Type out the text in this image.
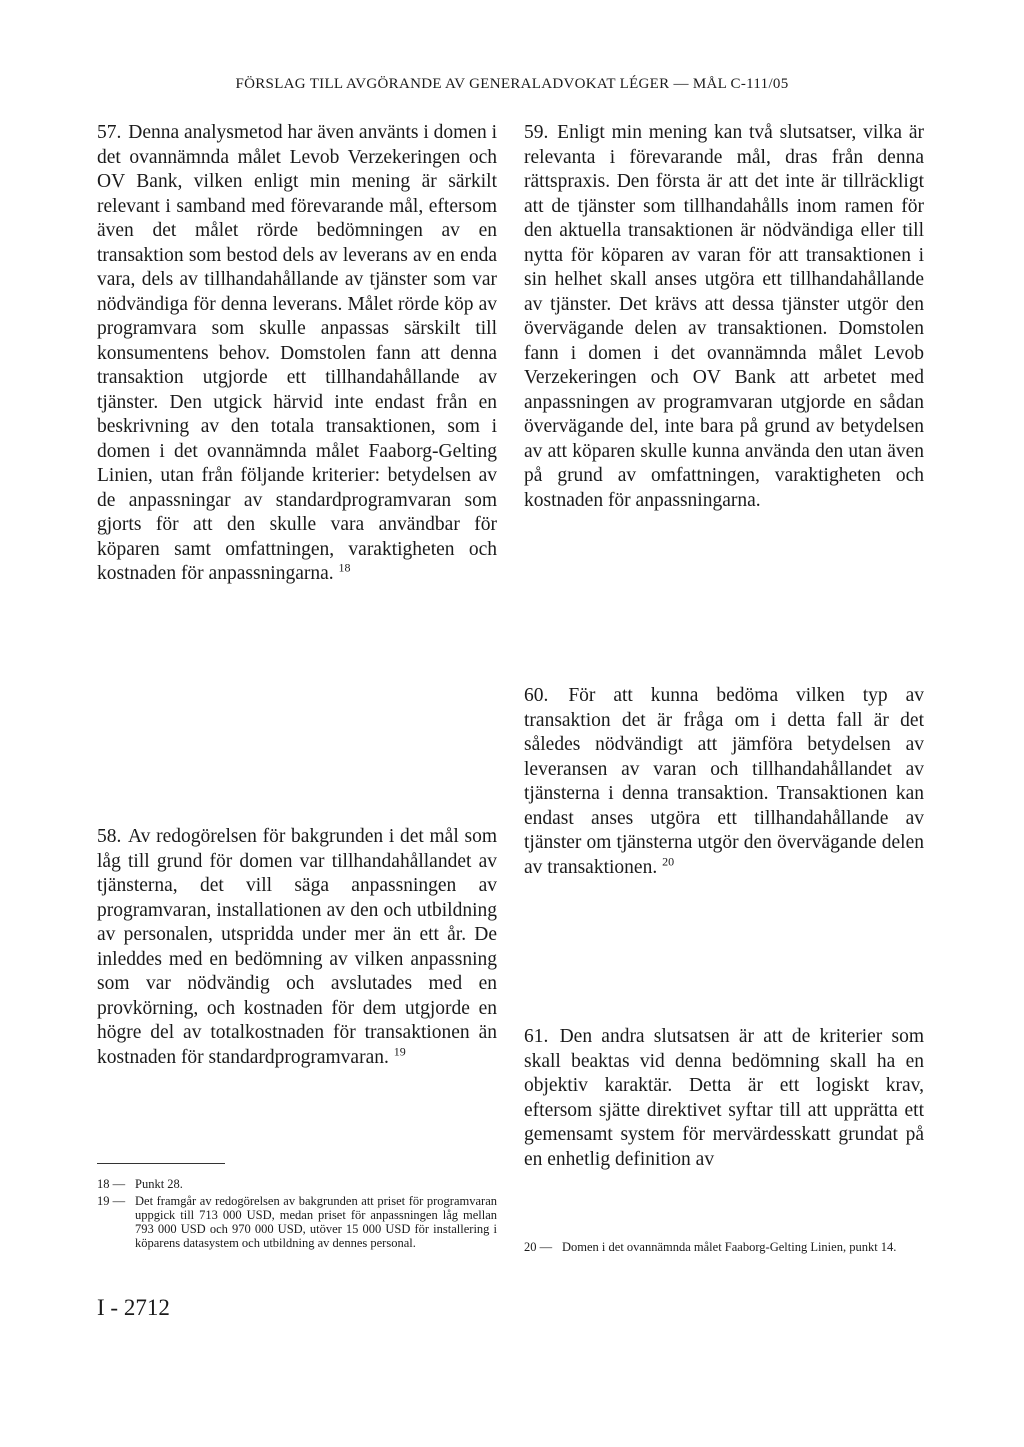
FÖRSLAG TILL AVGÖRANDE AV GENERALADVOKAT LÉGER — MÅL C-111/05

57. Denna analysmetod har även använts i domen i det ovannämnda målet Levob Verzekeringen och OV Bank, vilken enligt min mening är särkilt relevant i samband med förevarande mål, eftersom även det målet rörde bedömningen av en transaktion som bestod dels av leverans av en enda vara, dels av tillhandahållande av tjänster som var nödvändiga för denna leverans. Målet rörde köp av programvara som skulle anpassas särskilt till konsumentens behov. Domstolen fann att denna transaktion utgjorde ett tillhandahållande av tjänster. Den utgick härvid inte endast från en beskrivning av den totala transaktionen, som i domen i det ovannämnda målet Faaborg-Gelting Linien, utan från följande kriterier: betydelsen av de anpassningar av standardprogramvaran som gjorts för att den skulle vara användbar för köparen samt omfattningen, varaktigheten och kostnaden för anpassningarna. $^{18}$

58. Av redogörelsen för bakgrunden i det mål som låg till grund för domen var tillhandahållandet av tjänsterna, det vill säga anpassningen av programvaran, installationen av den och utbildning av personalen, utspridda under mer än ett år. De inleddes med en bedömning av vilken anpassning som var nödvändig och avslutades med en provkörning, och kostnaden för dem utgjorde en högre del av totalkostnaden för transaktionen än kostnaden för standardprogramvaran. $^{19}$

18 — Punkt 28.

19 — Det framgår av redogörelsen av bakgrunden att priset för programvaran uppgick till 713 000 USD, medan priset för anpassningen låg mellan 793 000 USD och 970 000 USD, utöver 15 000 USD för installering i köparens datasystem och utbildning av dennes personal.

I - 2712

59. Enligt min mening kan två slutsatser, vilka är relevanta i förevarande mål, dras från denna rättspraxis. Den första är att det inte är tillräckligt att de tjänster som tillhandahålls inom ramen för den aktuella transaktionen är nödvändiga eller till nytta för köparen av varan för att transaktionen i sin helhet skall anses utgöra ett tillhandahållande av tjänster. Det krävs att dessa tjänster utgör den övervägande delen av transaktionen. Domstolen fann i domen i det ovannämnda målet Levob Verzekeringen och OV Bank att arbetet med anpassningen av programvaran utgjorde en sådan övervägande del, inte bara på grund av betydelsen av att köparen skulle kunna använda den utan även på grund av omfattningen, varaktigheten och kostnaden för anpassningarna.

60. För att kunna bedöma vilken typ av transaktion det är fråga om i detta fall är det således nödvändigt att jämföra betydelsen av leveransen av varan och tillhandahållandet av tjänsterna i denna transaktion. Transaktionen kan endast anses utgöra ett tillhandahållande av tjänster om tjänsterna utgör den övervägande delen av transaktionen. $^{20}$

61. Den andra slutsatsen är att de kriterier som skall beaktas vid denna bedömning skall ha en objektiv karaktär. Detta är ett logiskt krav, eftersom sjätte direktivet syftar till att upprätta ett gemensamt system för mervärdesskatt grundat på en enhetlig definition av

20 — Domen i det ovannämnda målet Faaborg-Gelting Linien, punkt 14.
